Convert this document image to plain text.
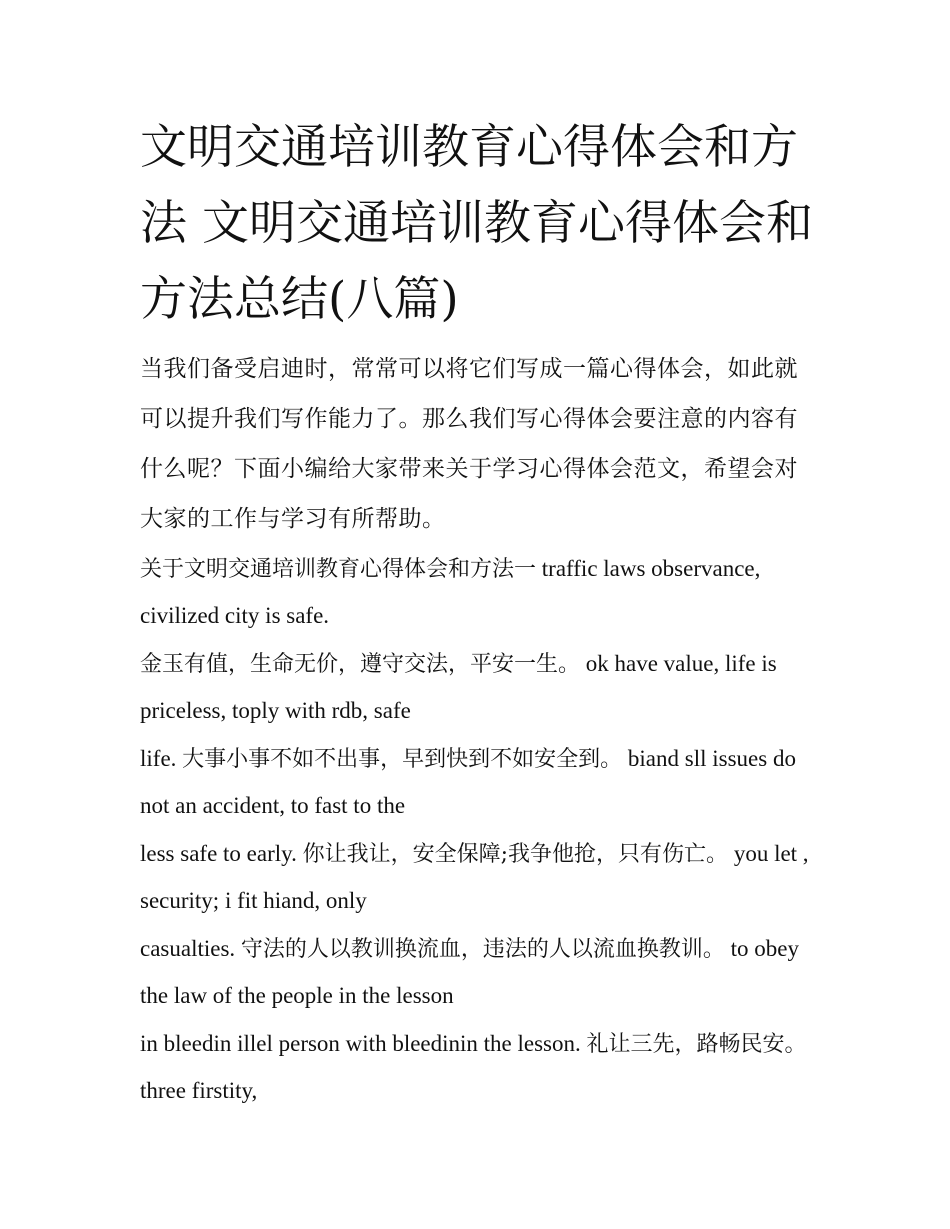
文明交通培训教育心得体会和方法 文明交通培训教育心得体会和方法总结(八篇)

当我们备受启迪时，常常可以将它们写成一篇心得体会，如此就可以提升我们写作能力了。那么我们写心得体会要注意的内容有什么呢？下面小编给大家带来关于学习心得体会范文，希望会对大家的工作与学习有所帮助。

关于文明交通培训教育心得体会和方法一 traffic laws observance, civilized city is safe.

金玉有值，生命无价，遵守交法，平安一生。 ok have value, life is priceless, toply with rdb, safe

life. 大事小事不如不出事，早到快到不如安全到。 biand sll issues do not an accident, to fast to the

less safe to early. 你让我让，安全保障;我争他抢，只有伤亡。 you let , security; i fit hiand, only

casualties. 守法的人以教训换流血，违法的人以流血换教训。 to obey the law of the people in the lesson

in bleedin illel person with bleedinin the lesson. 礼让三先，路畅民安。 three firstity,
